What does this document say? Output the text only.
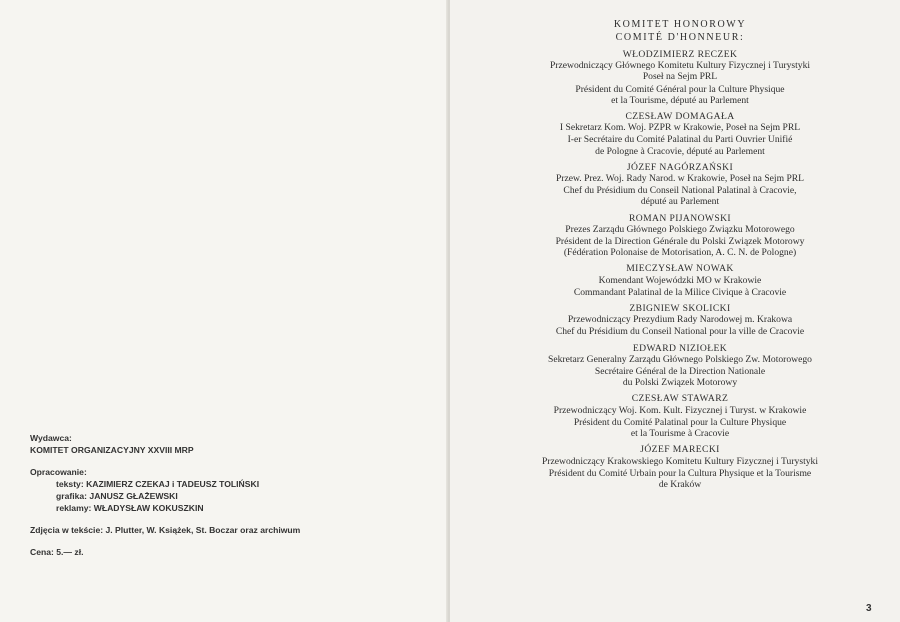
Wydawca:
KOMITET ORGANIZACYJNY XXVIII MRP
Opracowanie:
teksty: KAZIMIERZ CZEKAJ i TADEUSZ TOLIŃSKI
grafika: JANUSZ GŁAŻEWSKI
reklamy: WŁADYSŁAW KOKUSZKIN
Zdjęcia w tekście: J. Plutter, W. Książek, St. Boczar oraz archiwum
Cena: 5.— zł.
KOMITET HONOROWY
COMITÉ D'HONNEUR:
WŁODZIMIERZ RECZEK
Przewodniczący Głównego Komitetu Kultury Fizycznej i Turystyki
Poseł na Sejm PRL
Président du Comité Général pour la Culture Physique
et la Tourisme, député au Parlement
CZESŁAW DOMAGAŁA
I Sekretarz Kom. Woj. PZPR w Krakowie, Poseł na Sejm PRL
I-er Secrétaire du Comité Palatinal du Parti Ouvrier Unifié
de Pologne à Cracovie, député au Parlement
JÓZEF NAGÓRZAŃSKI
Przew. Prez. Woj. Rady Narod. w Krakowie, Poseł na Sejm PRL
Chef du Présidium du Conseil National Palatinal à Cracovie,
député au Parlement
ROMAN PIJANOWSKI
Prezes Zarządu Głównego Polskiego Związku Motorowego
Président de la Direction Générale du Polski Związek Motorowy
(Fédération Polonaise de Motorisation, A. C. N. de Pologne)
MIECZYSŁAW NOWAK
Komendant Wojewódzki MO w Krakowie
Commandant Palatinal de la Milice Civique à Cracovie
ZBIGNIEW SKOLICKI
Przewodniczący Prezydium Rady Narodowej m. Krakowa
Chef du Présidium du Conseil National pour la ville de Cracovie
EDWARD NIZIOŁEK
Sekretarz Generalny Zarządu Głównego Polskiego Zw. Motorowego
Secrétaire Général de la Direction Nationale
du Polski Związek Motorowy
CZESŁAW STAWARZ
Przewodniczący Woj. Kom. Kult. Fizycznej i Turyst. w Krakowie
Président du Comité Palatinal pour la Culture Physique
et la Tourisme à Cracovie
JÓZEF MARECKI
Przewodniczący Krakowskiego Komitetu Kultury Fizycznej i Turystyki
Président du Comité Urbain pour la Cultura Physique et la Tourisme
de Kraków
3
